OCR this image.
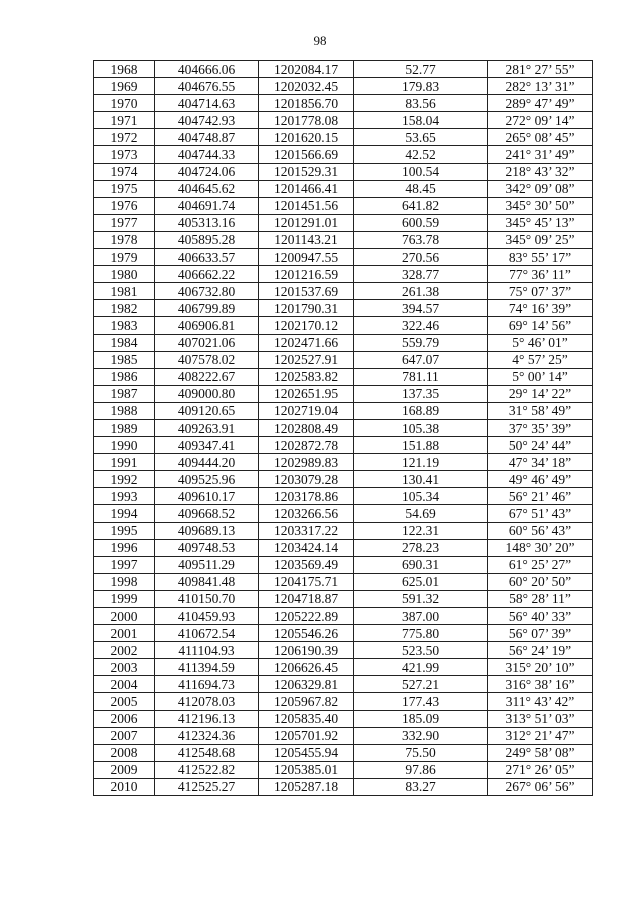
98
1968	404666.06	1202084.17	52.77	281° 27’ 55”
1969	404676.55	1202032.45	179.83	282° 13’ 31”
1970	404714.63	1201856.70	83.56	289° 47’ 49”
1971	404742.93	1201778.08	158.04	272° 09’ 14”
1972	404748.87	1201620.15	53.65	265° 08’ 45”
1973	404744.33	1201566.69	42.52	241° 31’ 49”
1974	404724.06	1201529.31	100.54	218° 43’ 32”
1975	404645.62	1201466.41	48.45	342° 09’ 08”
1976	404691.74	1201451.56	641.82	345° 30’ 50”
1977	405313.16	1201291.01	600.59	345° 45’ 13”
1978	405895.28	1201143.21	763.78	345° 09’ 25”
1979	406633.57	1200947.55	270.56	83° 55’ 17”
1980	406662.22	1201216.59	328.77	77° 36’ 11”
1981	406732.80	1201537.69	261.38	75° 07’ 37”
1982	406799.89	1201790.31	394.57	74° 16’ 39”
1983	406906.81	1202170.12	322.46	69° 14’ 56”
1984	407021.06	1202471.66	559.79	5° 46’ 01”
1985	407578.02	1202527.91	647.07	4° 57’ 25”
1986	408222.67	1202583.82	781.11	5° 00’ 14”
1987	409000.80	1202651.95	137.35	29° 14’ 22”
1988	409120.65	1202719.04	168.89	31° 58’ 49”
1989	409263.91	1202808.49	105.38	37° 35’ 39”
1990	409347.41	1202872.78	151.88	50° 24’ 44”
1991	409444.20	1202989.83	121.19	47° 34’ 18”
1992	409525.96	1203079.28	130.41	49° 46’ 49”
1993	409610.17	1203178.86	105.34	56° 21’ 46”
1994	409668.52	1203266.56	54.69	67° 51’ 43”
1995	409689.13	1203317.22	122.31	60° 56’ 43”
1996	409748.53	1203424.14	278.23	148° 30’ 20”
1997	409511.29	1203569.49	690.31	61° 25’ 27”
1998	409841.48	1204175.71	625.01	60° 20’ 50”
1999	410150.70	1204718.87	591.32	58° 28’ 11”
2000	410459.93	1205222.89	387.00	56° 40’ 33”
2001	410672.54	1205546.26	775.80	56° 07’ 39”
2002	411104.93	1206190.39	523.50	56° 24’ 19”
2003	411394.59	1206626.45	421.99	315° 20’ 10”
2004	411694.73	1206329.81	527.21	316° 38’ 16”
2005	412078.03	1205967.82	177.43	311° 43’ 42”
2006	412196.13	1205835.40	185.09	313° 51’ 03”
2007	412324.36	1205701.92	332.90	312° 21’ 47”
2008	412548.68	1205455.94	75.50	249° 58’ 08”
2009	412522.82	1205385.01	97.86	271° 26’ 05”
2010	412525.27	1205287.18	83.27	267° 06’ 56”
